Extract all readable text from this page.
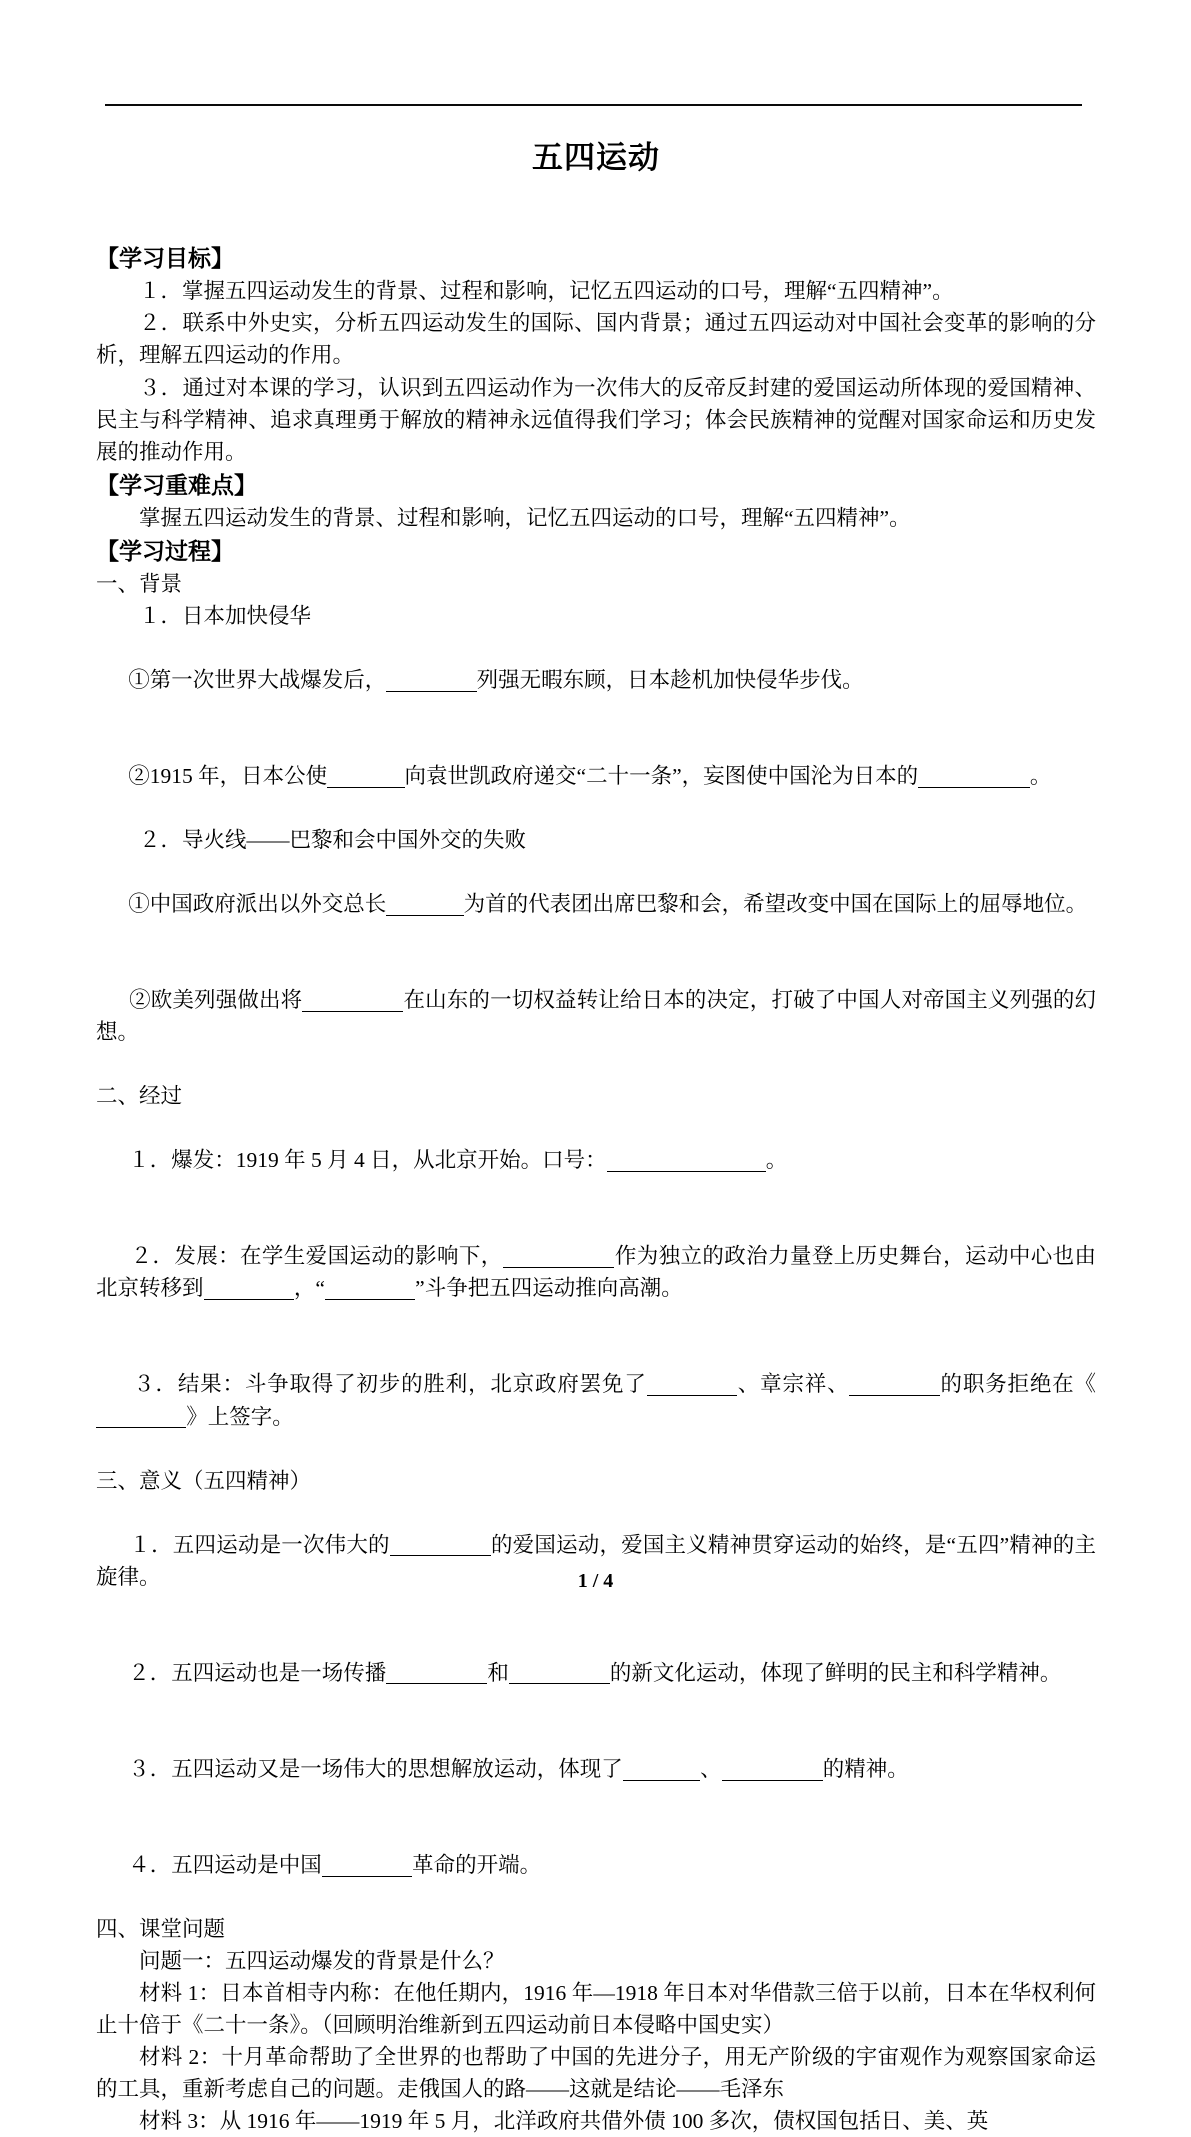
五四运动
【学习目标】

１．掌握五四运动发生的背景、过程和影响，记忆五四运动的口号，理解“五四精神”。

２．联系中外史实，分析五四运动发生的国际、国内背景；通过五四运动对中国社会变革的影响的分析，理解五四运动的作用。

３．通过对本课的学习，认识到五四运动作为一次伟大的反帝反封建的爱国运动所体现的爱国精神、民主与科学精神、追求真理勇于解放的精神永远值得我们学习；体会民族精神的觉醒对国家命运和历史发展的推动作用。

【学习重难点】

掌握五四运动发生的背景、过程和影响，记忆五四运动的口号，理解“五四精神”。

【学习过程】

一、背景

１．日本加快侵华

①第一次世界大战爆发后，	列强无暇东顾，日本趁机加快侵华步伐。

②1915 年，日本公使	向袁世凯政府递交“二十一条”，妄图使中国沦为日本的	。

２．导火线——巴黎和会中国外交的失败

①中国政府派出以外交总长	为首的代表团出席巴黎和会，希望改变中国在国际上的屈辱地位。

②欧美列强做出将	在山东的一切权益转让给日本的决定，打破了中国人对帝国主义列强的幻想。

二、经过

１．爆发：1919 年 5 月 4 日，从北京开始。口号：	。

２．发展：在学生爱国运动的影响下，	作为独立的政治力量登上历史舞台，运动中心也由北京转移到	，“	”斗争把五四运动推向高潮。

３．结果：斗争取得了初步的胜利，北京政府罢免了	、章宗祥、	的职务拒绝在《》上签字。

三、意义（五四精神）

１．五四运动是一次伟大的	的爱国运动，爱国主义精神贯穿运动的始终，是“五四”精神的主旋律。

２．五四运动也是一场传播	和	的新文化运动，体现了鲜明的民主和科学精神。

３．五四运动又是一场伟大的思想解放运动，体现了	、	的精神。

４．五四运动是中国	革命的开端。

四、课堂问题

问题一：五四运动爆发的背景是什么？

材料 1：日本首相寺内称：在他任期内，1916 年—1918 年日本对华借款三倍于以前，日本在华权利何止十倍于《二十一条》。（回顾明治维新到五四运动前日本侵略中国史实）

材料 2：十月革命帮助了全世界的也帮助了中国的先进分子，用无产阶级的宇宙观作为观察国家命运的工具，重新考虑自己的问题。走俄国人的路——这就是结论——毛泽东

材料 3：从 1916 年——1919 年 5 月，北洋政府共借外债 100 多次，债权国包括日、美、英

1 / 4
